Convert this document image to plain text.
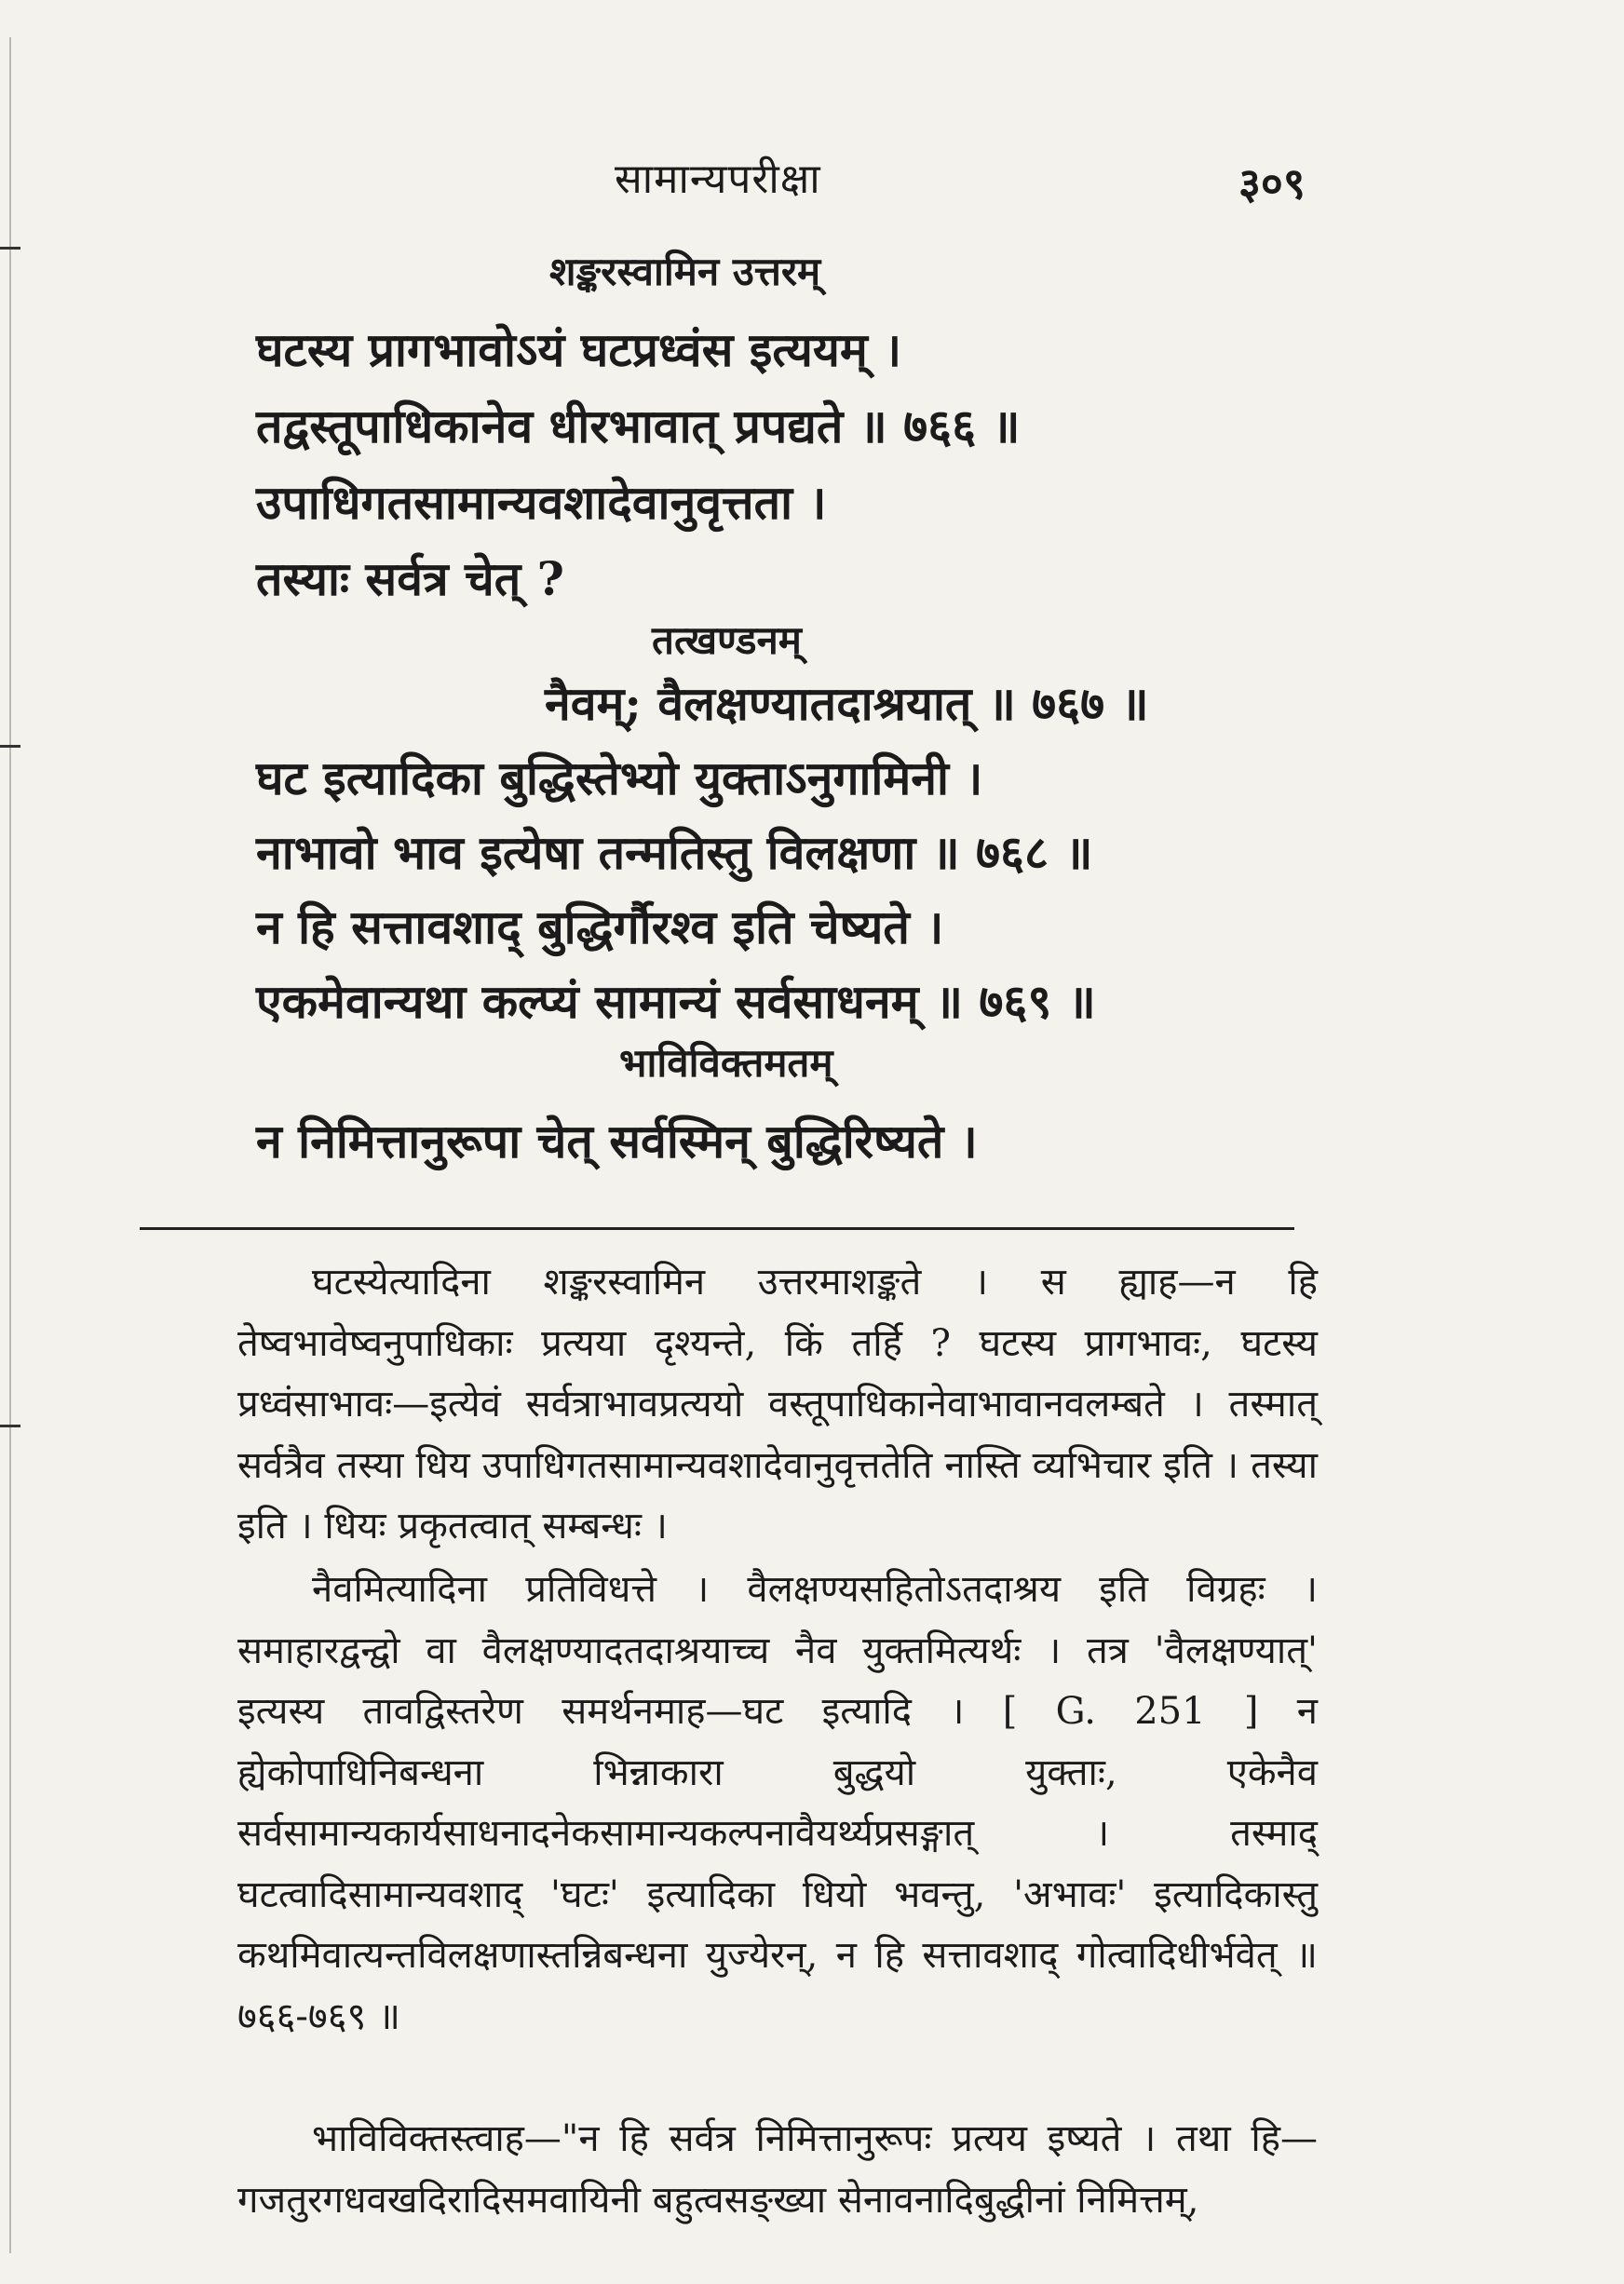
सामान्यपरीक्षा	३०९
शङ्करस्वामिन उत्तरम्
घटस्य प्रागभावोऽयं घटप्रध्वंस इत्ययम् ।
तद्वस्तूपाधिकानेव धीरभावात् प्रपद्यते ॥ ७६६ ॥
उपाधिगतसामान्यवशादेवानुवृत्तता ।
तस्याः सर्वत्र चेत् ?
तत्खण्डनम्
नैवम्; वैलक्षण्यातदाश्रयात् ॥ ७६७ ॥
घट इत्यादिका बुद्धिस्तेभ्यो युक्ताऽनुगामिनी ।
नाभावो भाव इत्येषा तन्मतिस्तु विलक्षणा ॥ ७६८ ॥
न हि सत्तावशाद् बुद्धिर्गौरश्व इति चेष्यते ।
एकमेवान्यथा कल्प्यं सामान्यं सर्वसाधनम् ॥ ७६९ ॥
भाविविक्तमतम्
न निमित्तानुरूपा चेत् सर्वस्मिन् बुद्धिरिष्यते ।

घटस्येत्यादिना शङ्करस्वामिन उत्तरमाशङ्कते । स ह्याह—न हि तेष्वभावेष्वनुपाधिकाः प्रत्यया दृश्यन्ते, किं तर्हि ? घटस्य प्रागभावः, घटस्य प्रध्वंसाभावः—इत्येवं सर्वत्राभावप्रत्ययो वस्तूपाधिकानेवाभावानवलम्बते । तस्मात् सर्वत्रैव तस्या धिय उपाधिगतसामान्यवशादेवानुवृत्ततेति नास्ति व्यभिचार इति । तस्या इति । धियः प्रकृतत्वात् सम्बन्धः ।

नैवमित्यादिना प्रतिविधत्ते । वैलक्षण्यसहितोऽतदाश्रय इति विग्रहः । समाहारद्वन्द्वो वा वैलक्षण्यादतदाश्रयाच्च नैव युक्तमित्यर्थः । तत्र 'वैलक्षण्यात्' इत्यस्य तावद्विस्तरेण समर्थनमाह—घट इत्यादि । [ G. 251 ] न ह्येकोपाधिनिबन्धना भिन्नाकारा बुद्धयो युक्ताः, एकेनैव सर्वसामान्यकार्यसाधनादनेकसामान्यकल्पनावैयर्थ्यप्रसङ्गात् । तस्माद् घटत्वादिसामान्यवशाद् 'घटः' इत्यादिका धियो भवन्तु, 'अभावः' इत्यादिकास्तु कथमिवात्यन्तविलक्षणास्तन्निबन्धना युज्येरन्, न हि सत्तावशाद् गोत्वादिधीर्भवेत् ॥ ७६६-७६९ ॥

भाविविक्तस्त्वाह—"न हि सर्वत्र निमित्तानुरूपः प्रत्यय इष्यते । तथा हि—गजतुरगधवखदिरादिसमवायिनी बहुत्वसङ्ख्या सेनावनादिबुद्धीनां निमित्तम्,
